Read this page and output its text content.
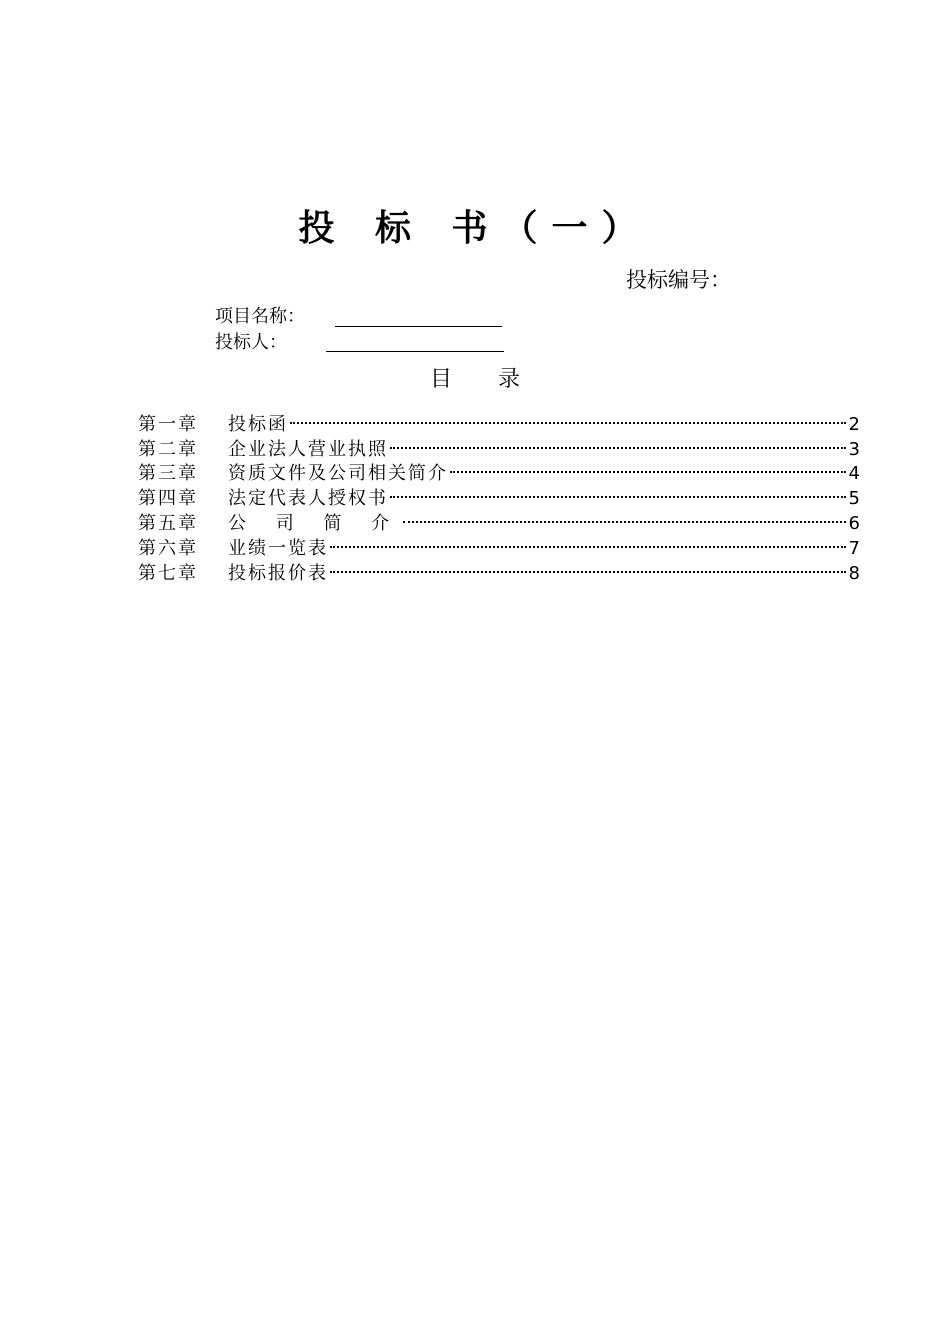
投 标 书（一）
投标编号：
项目名称：
投标人：
目录
第一章	投标函	2
第二章	企业法人营业执照	3
第三章	资质文件及公司相关简介	4
第四章	法定代表人授权书	5
第五章	公 司 简 介	6
第六章	业绩一览表	7
第七章	投标报价表	8
